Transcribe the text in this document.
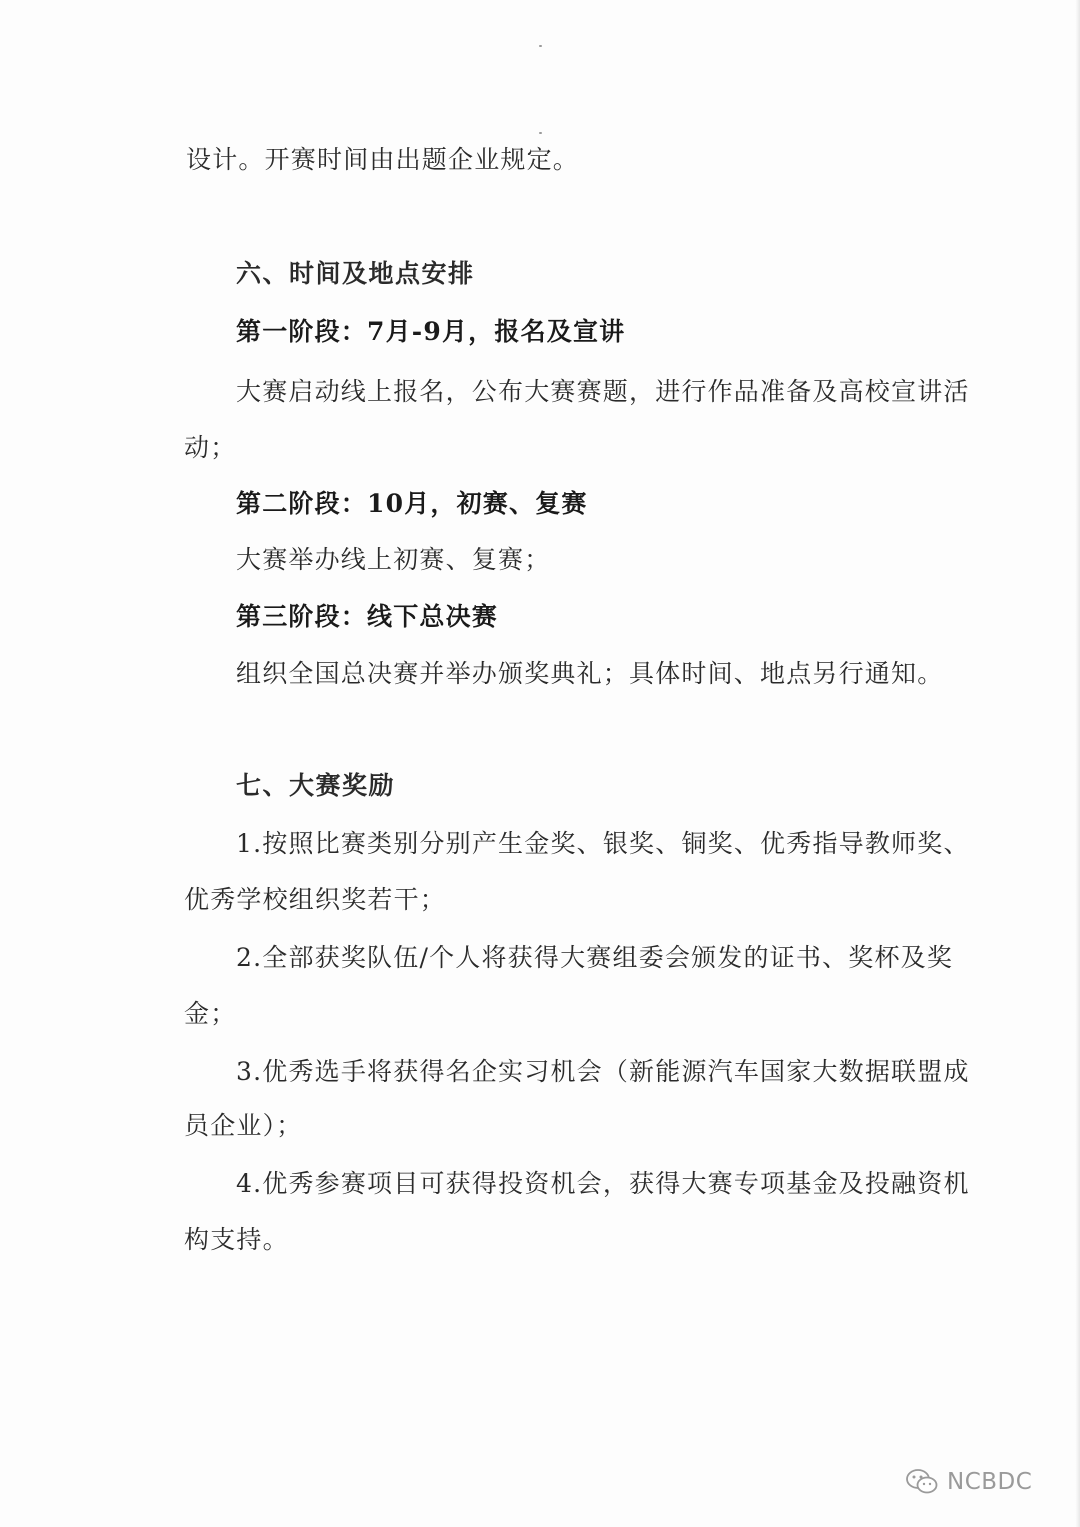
设计。开赛时间由出题企业规定。
六、时间及地点安排
第一阶段：7月-9月，报名及宣讲
大赛启动线上报名，公布大赛赛题，进行作品准备及高校宣讲活
动；
第二阶段：10月，初赛、复赛
大赛举办线上初赛、复赛；
第三阶段：线下总决赛
组织全国总决赛并举办颁奖典礼；具体时间、地点另行通知。
七、大赛奖励
1.按照比赛类别分别产生金奖、银奖、铜奖、优秀指导教师奖、
优秀学校组织奖若干；
2.全部获奖队伍/个人将获得大赛组委会颁发的证书、奖杯及奖
金；
3.优秀选手将获得名企实习机会（新能源汽车国家大数据联盟成
员企业）；
4.优秀参赛项目可获得投资机会，获得大赛专项基金及投融资机
构支持。
NCBDC
